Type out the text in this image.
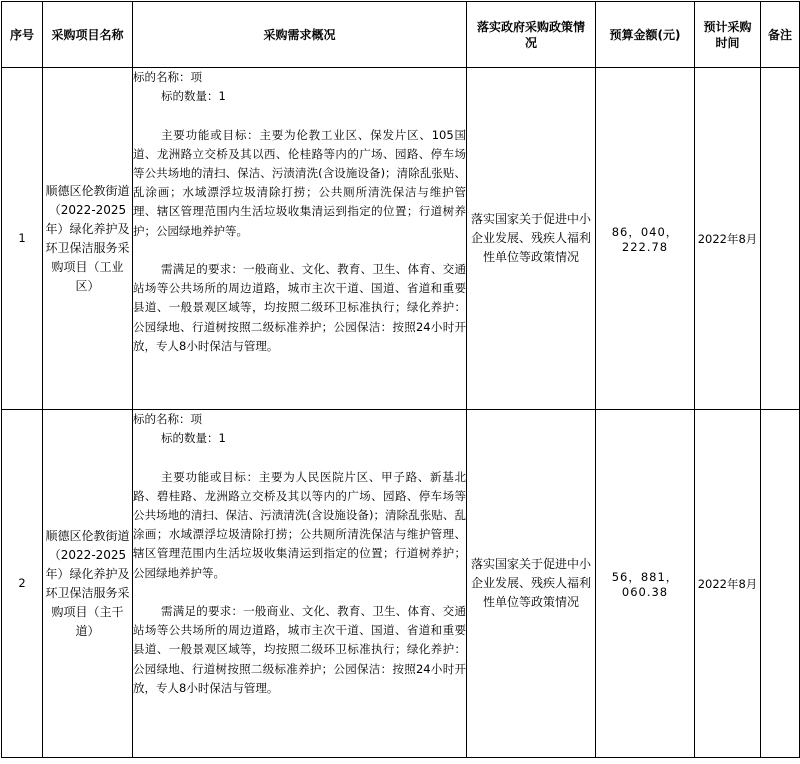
序号	采购项目名称	采购需求概况	落实政府采购政策情况	预算金额(元)	预计采购时间	备注
1	顺德区伦教街道（2022-2025年）绿化养护及环卫保洁服务采购项目（工业区）	标的名称：项
标的数量：1
主要功能或目标：主要为伦教工业区、保发片区、105国道、龙洲路立交桥及其以西、伦桂路等内的广场、园路、停车场等公共场地的清扫、保洁、污渍清洗(含设施设备)；清除乱张贴、乱涂画；水域漂浮垃圾清除打捞；公共厕所清洗保洁与维护管理、辖区管理范围内生活垃圾收集清运到指定的位置；行道树养护；公园绿地养护等。
需满足的要求：一般商业、文化、教育、卫生、体育、交通站场等公共场所的周边道路，城市主次干道、国道、省道和重要县道、一般景观区域等，均按照二级环卫标准执行；绿化养护：公园绿地、行道树按照二级标准养护；公园保洁：按照24小时开放，专人8小时保洁与管理。	落实国家关于促进中小企业发展、残疾人福利性单位等政策情况	86，040，222.78	2022年8月	
2	顺德区伦教街道（2022-2025年）绿化养护及环卫保洁服务采购项目（主干道）	标的名称：项
标的数量：1
主要功能或目标：主要为人民医院片区、甲子路、新基北路、碧桂路、龙洲路立交桥及其以等内的广场、园路、停车场等公共场地的清扫、保洁、污渍清洗(含设施设备)；清除乱张贴、乱涂画；水域漂浮垃圾清除打捞；公共厕所清洗保洁与维护管理、辖区管理范围内生活垃圾收集清运到指定的位置；行道树养护；公园绿地养护等。
需满足的要求：一般商业、文化、教育、卫生、体育、交通站场等公共场所的周边道路，城市主次干道、国道、省道和重要县道、一般景观区域等，均按照二级环卫标准执行；绿化养护：公园绿地、行道树按照二级标准养护；公园保洁：按照24小时开放，专人8小时保洁与管理。	落实国家关于促进中小企业发展、残疾人福利性单位等政策情况	56，881，060.38	2022年8月	
